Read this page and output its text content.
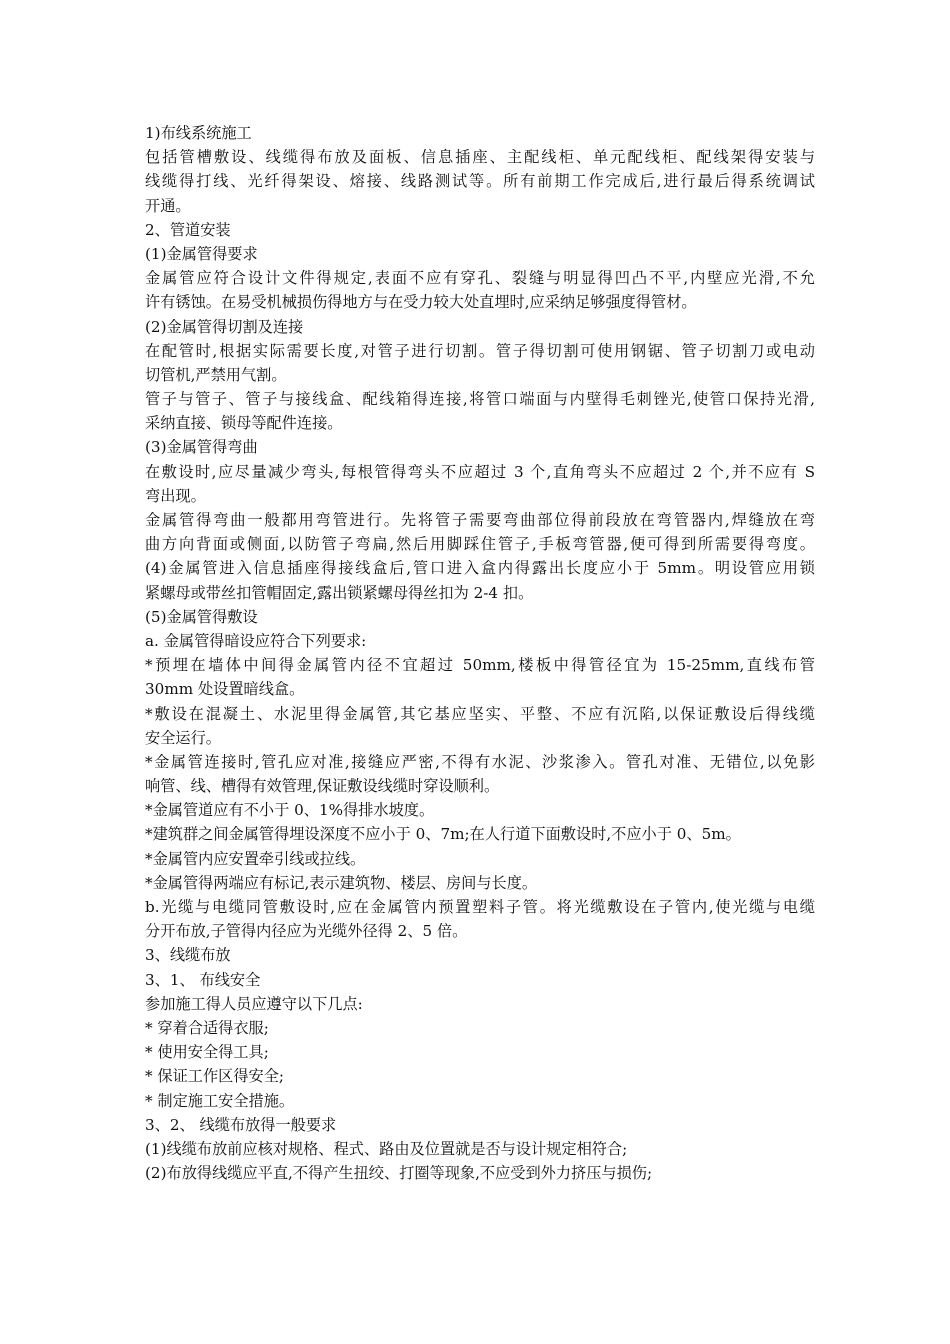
1)布线系统施工
包括管槽敷设、线缆得布放及面板、信息插座、主配线柜、单元配线柜、配线架得安装与
线缆得打线、光纤得架设、熔接、线路测试等。所有前期工作完成后,进行最后得系统调试
开通。
2、管道安装
(1)金属管得要求
金属管应符合设计文件得规定,表面不应有穿孔、裂缝与明显得凹凸不平,内壁应光滑,不允
许有锈蚀。在易受机械损伤得地方与在受力较大处直埋时,应采纳足够强度得管材。
(2)金属管得切割及连接
在配管时,根据实际需要长度,对管子进行切割。管子得切割可使用钢锯、管子切割刀或电动
切管机,严禁用气割。
管子与管子、管子与接线盒、配线箱得连接,将管口端面与内壁得毛刺锉光,使管口保持光滑,
采纳直接、锁母等配件连接。
(3)金属管得弯曲
在敷设时,应尽量减少弯头,每根管得弯头不应超过 3 个,直角弯头不应超过 2 个,并不应有 S
弯出现。
金属管得弯曲一般都用弯管进行。先将管子需要弯曲部位得前段放在弯管器内,焊缝放在弯
曲方向背面或侧面,以防管子弯扁,然后用脚踩住管子,手板弯管器,便可得到所需要得弯度。
(4)金属管进入信息插座得接线盒后,管口进入盒内得露出长度应小于 5mm。明设管应用锁
紧螺母或带丝扣管帽固定,露出锁紧螺母得丝扣为 2-4 扣。
(5)金属管得敷设
a. 金属管得暗设应符合下列要求:
*预埋在墙体中间得金属管内径不宜超过 50mm,楼板中得管径宜为 15-25mm,直线布管
30mm 处设置暗线盒。
*敷设在混凝土、水泥里得金属管,其它基应坚实、平整、不应有沉陷,以保证敷设后得线缆
安全运行。
*金属管连接时,管孔应对准,接缝应严密,不得有水泥、沙浆渗入。管孔对准、无错位,以免影
响管、线、槽得有效管理,保证敷设线缆时穿设顺利。
*金属管道应有不小于 0、1%得排水坡度。
*建筑群之间金属管得埋设深度不应小于 0、7m;在人行道下面敷设时,不应小于 0、5m。
*金属管内应安置牵引线或拉线。
*金属管得两端应有标记,表示建筑物、楼层、房间与长度。
b.光缆与电缆同管敷设时,应在金属管内预置塑料子管。将光缆敷设在子管内,使光缆与电缆
分开布放,子管得内径应为光缆外径得 2、5 倍。
3、线缆布放
3、1、 布线安全
参加施工得人员应遵守以下几点:
* 穿着合适得衣服;
* 使用安全得工具;
* 保证工作区得安全;
* 制定施工安全措施。
3、2、 线缆布放得一般要求
(1)线缆布放前应核对规格、程式、路由及位置就是否与设计规定相符合;
(2)布放得线缆应平直,不得产生扭绞、打圈等现象,不应受到外力挤压与损伤;
